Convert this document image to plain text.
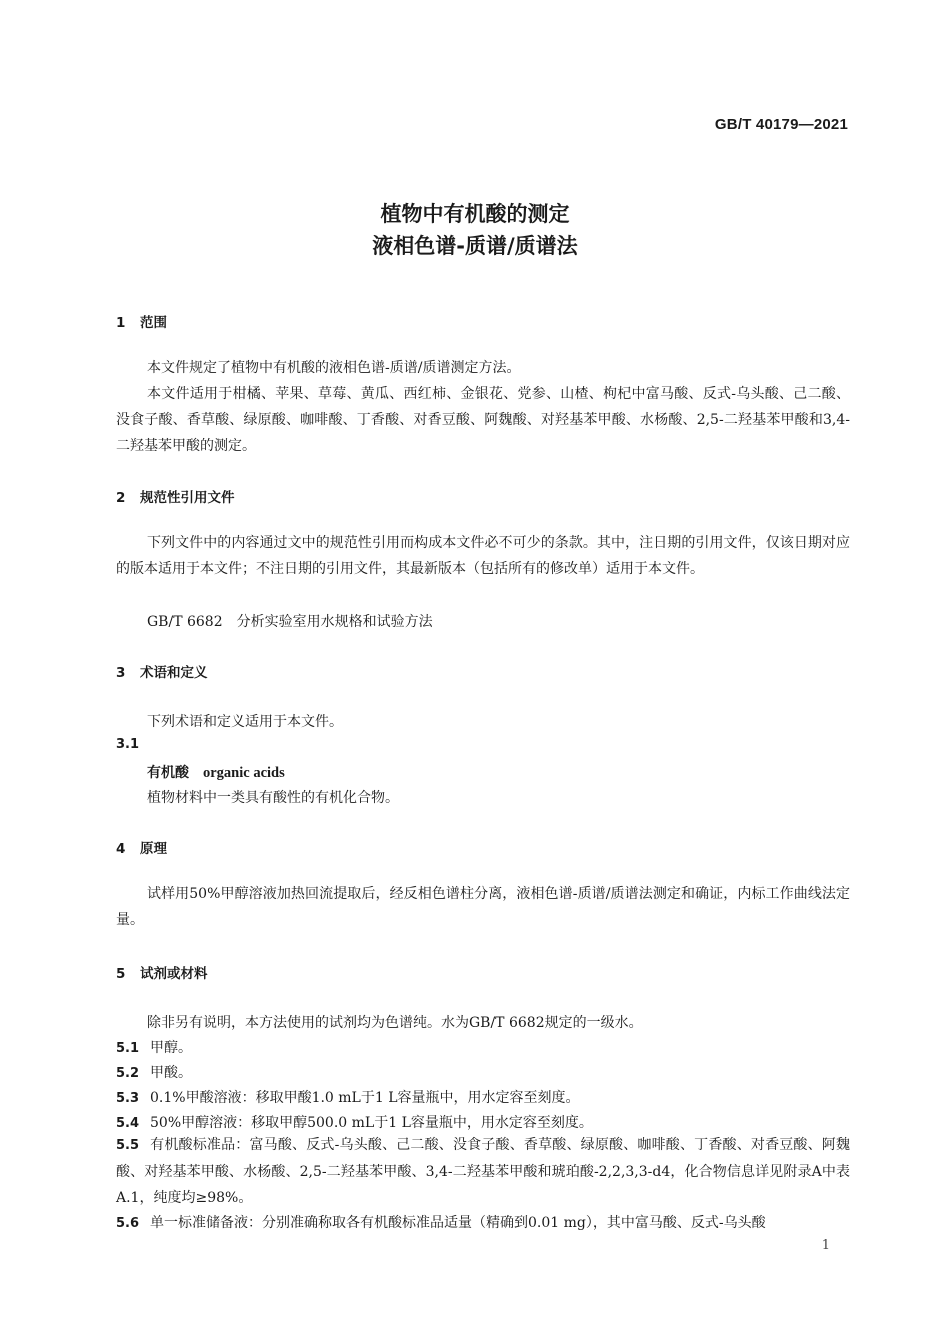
GB/T 40179—2021
植物中有机酸的测定
液相色谱-质谱/质谱法
1 范围
本文件规定了植物中有机酸的液相色谱-质谱/质谱测定方法。
本文件适用于柑橘、苹果、草莓、黄瓜、西红柿、金银花、党参、山楂、枸杞中富马酸、反式-乌头酸、己二酸、没食子酸、香草酸、绿原酸、咖啡酸、丁香酸、对香豆酸、阿魏酸、对羟基苯甲酸、水杨酸、2,5-二羟基苯甲酸和3,4-二羟基苯甲酸的测定。
2 规范性引用文件
下列文件中的内容通过文中的规范性引用而构成本文件必不可少的条款。其中，注日期的引用文件，仅该日期对应的版本适用于本文件；不注日期的引用文件，其最新版本（包括所有的修改单）适用于本文件。
GB/T 6682　分析实验室用水规格和试验方法
3 术语和定义
下列术语和定义适用于本文件。
3.1
有机酸 organic acids
植物材料中一类具有酸性的有机化合物。
4 原理
试样用50%甲醇溶液加热回流提取后，经反相色谱柱分离，液相色谱-质谱/质谱法测定和确证，内标工作曲线法定量。
5 试剂或材料
除非另有说明，本方法使用的试剂均为色谱纯。水为GB/T 6682规定的一级水。
5.1 甲醇。
5.2 甲酸。
5.3 0.1%甲酸溶液：移取甲酸1.0 mL于1 L容量瓶中，用水定容至刻度。
5.4 50%甲醇溶液：移取甲醇500.0 mL于1 L容量瓶中，用水定容至刻度。
5.5 有机酸标准品：富马酸、反式-乌头酸、己二酸、没食子酸、香草酸、绿原酸、咖啡酸、丁香酸、对香豆酸、阿魏酸、对羟基苯甲酸、水杨酸、2,5-二羟基苯甲酸、3,4-二羟基苯甲酸和琥珀酸-2,2,3,3-d4，化合物信息详见附录A中表A.1，纯度均≥98%。
5.6 单一标准储备液：分别准确称取各有机酸标准品适量（精确到0.01 mg），其中富马酸、反式-乌头酸
1
